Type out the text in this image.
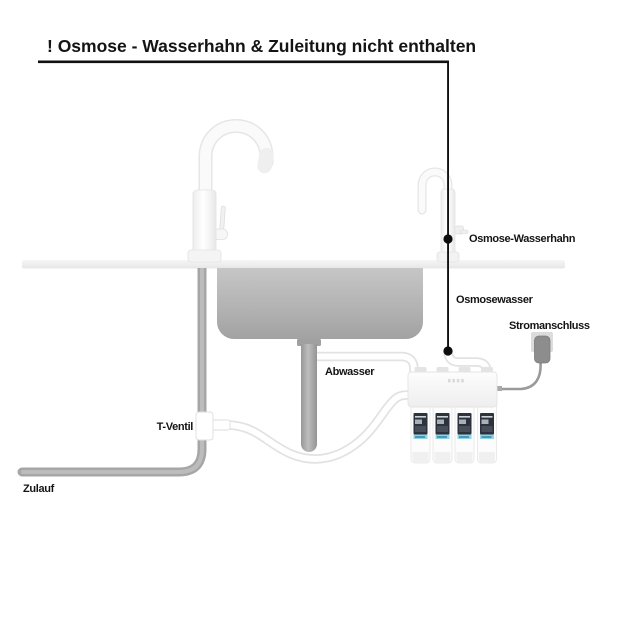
! Osmose - Wasserhahn & Zuleitung nicht enthalten
Osmose-Wasserhahn
Osmosewasser
Stromanschluss
Abwasser
T-Ventil
Zulauf
